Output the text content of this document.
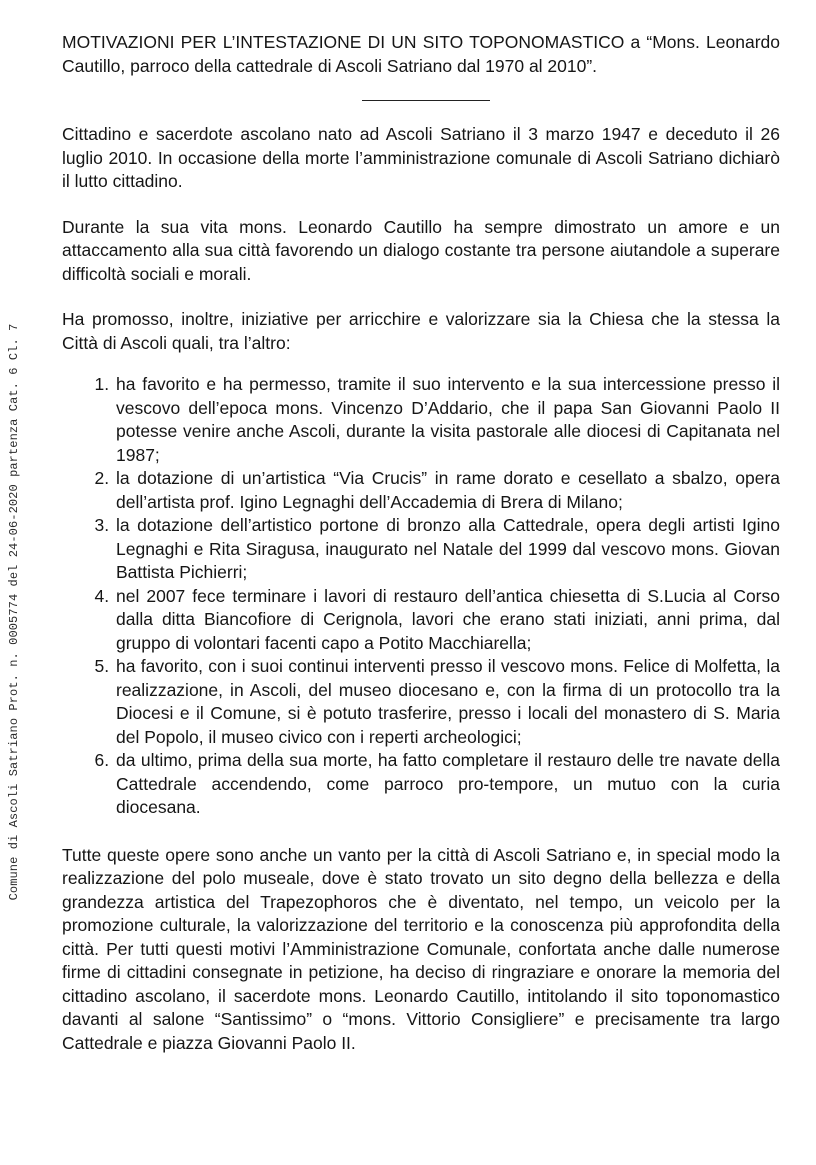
Comune di Ascoli Satriano Prot. n. 0005774 del 24-06-2020 partenza Cat. 6 Cl. 7
MOTIVAZIONI PER L’INTESTAZIONE DI UN SITO TOPONOMASTICO a “Mons. Leonardo Cautillo, parroco della cattedrale di Ascoli Satriano dal 1970 al 2010”.

Cittadino e sacerdote ascolano nato ad Ascoli Satriano il 3 marzo 1947 e deceduto il 26 luglio 2010. In occasione della morte l’amministrazione comunale di Ascoli Satriano dichiarò il lutto cittadino.

Durante la sua vita mons. Leonardo Cautillo ha sempre dimostrato un amore e un attaccamento alla sua città favorendo un dialogo costante tra persone aiutandole a superare difficoltà sociali e morali.

Ha promosso, inoltre, iniziative per arricchire e valorizzare sia la Chiesa che la stessa la Città di Ascoli quali, tra l’altro:

1. ha favorito e ha permesso, tramite il suo intervento e la sua intercessione presso il vescovo dell’epoca mons. Vincenzo D’Addario, che il papa San Giovanni Paolo II potesse venire anche Ascoli, durante la visita pastorale alle diocesi di Capitanata nel 1987;
2. la dotazione di un’artistica “Via Crucis” in rame dorato e cesellato a sbalzo, opera dell’artista prof. Igino Legnaghi dell’Accademia di Brera di Milano;
3. la dotazione dell’artistico portone di bronzo alla Cattedrale, opera degli artisti Igino Legnaghi e Rita Siragusa, inaugurato nel Natale del 1999 dal vescovo mons. Giovan Battista Pichierri;
4. nel 2007 fece terminare i lavori di restauro dell’antica chiesetta di S.Lucia al Corso dalla ditta Biancofiore di Cerignola, lavori che erano stati iniziati, anni prima, dal gruppo di volontari facenti capo a Potito Macchiarella;
5. ha favorito, con i suoi continui interventi presso il vescovo mons. Felice di Molfetta, la realizzazione, in Ascoli, del museo diocesano e, con la firma di un protocollo tra la Diocesi e il Comune, si è potuto trasferire, presso i locali del monastero di S. Maria del Popolo, il museo civico con i reperti archeologici;
6. da ultimo, prima della sua morte, ha fatto completare il restauro delle tre navate della Cattedrale accendendo, come parroco pro-tempore, un mutuo con la curia diocesana.

Tutte queste opere sono anche un vanto per la città di Ascoli Satriano e, in special modo la realizzazione del polo museale, dove è stato trovato un sito degno della bellezza e della grandezza artistica del Trapezophoros che è diventato, nel tempo, un veicolo per la promozione culturale, la valorizzazione del territorio e la conoscenza più approfondita della città. Per tutti questi motivi l’Amministrazione Comunale, confortata anche dalle numerose firme di cittadini consegnate in petizione, ha deciso di ringraziare e onorare la memoria del cittadino ascolano, il sacerdote mons. Leonardo Cautillo, intitolando il sito toponomastico davanti al salone “Santissimo” o “mons. Vittorio Consigliere” e precisamente tra largo Cattedrale e piazza Giovanni Paolo II.
